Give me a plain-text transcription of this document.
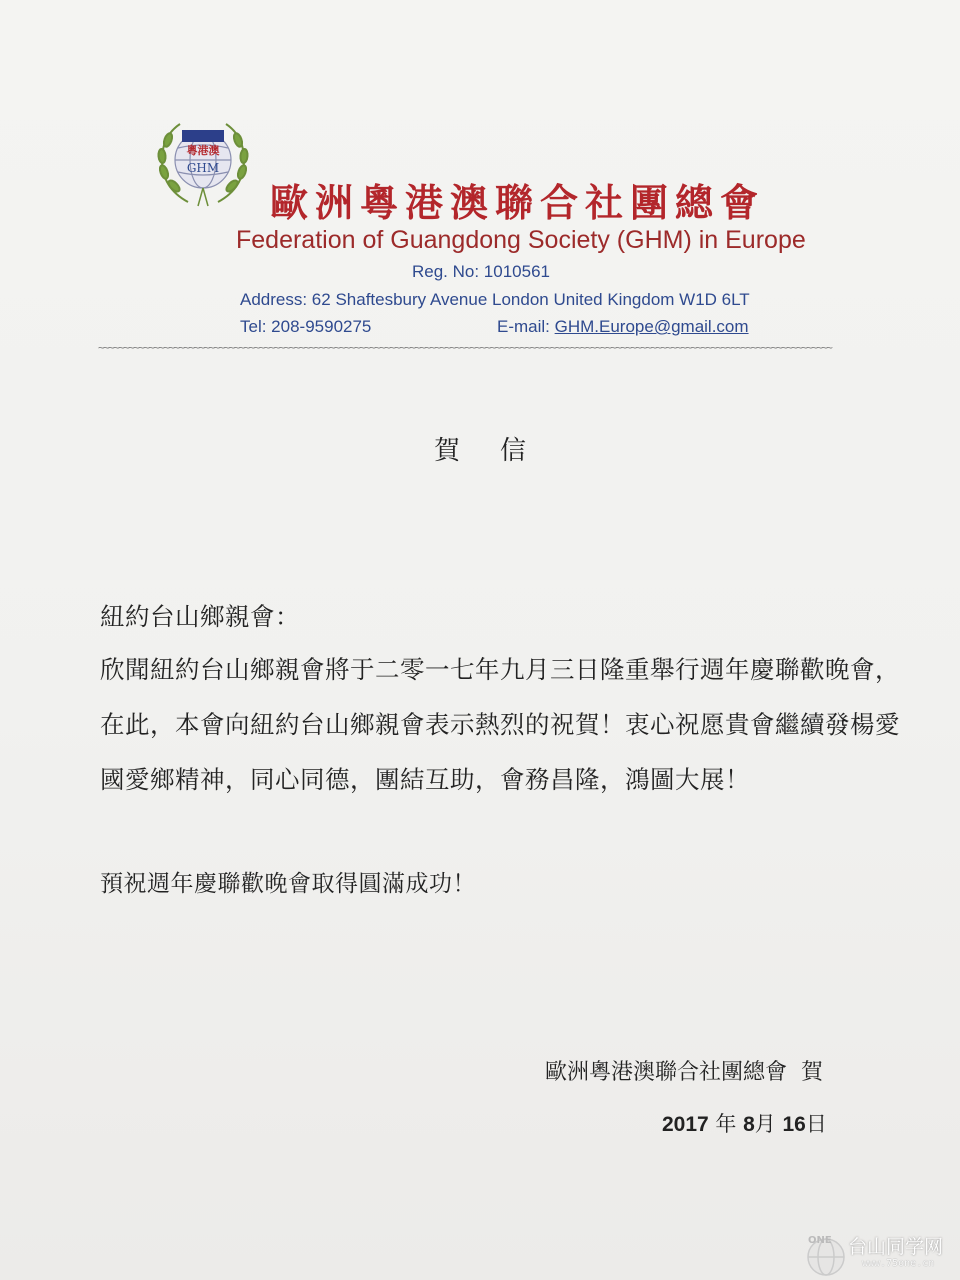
粵港澳
GHM
歐洲粵港澳聯合社團總會
Federation of Guangdong Society (GHM) in Europe
Reg. No: 1010561
Address: 62 Shaftesbury Avenue London United Kingdom W1D 6LT
Tel: 208-9590275	E-mail: GHM.Europe@gmail.com
~~~~~~~~~~~~~~~~~~~~~~~~~~~~~~~~~~~~~~~~~~~~~~~~~~~~~~~~~~~~~~~~~~~~~~~~~~~~~~~~~~~~~~~~~~~~~~~~~~~~~~~~~~~~~~~~~~~~~~~~~~~~~~~~~~~~~~~~~~~~~~~~~~
賀信
紐約台山鄉親會：
欣聞紐約台山鄉親會將于二零一七年九月三日隆重舉行週年慶聯歡晚會，
在此，本會向紐約台山鄉親會表示熱烈的祝賀！衷心祝愿貴會繼續發楊愛
國愛鄉精神，同心同德，團結互助，會務昌隆，鴻圖大展！
預祝週年慶聯歡晚會取得圓滿成功！
歐洲粵港澳聯合社團總會  賀
2017 年 8月 16日
ONE 台山同学网
www.75one.cn
